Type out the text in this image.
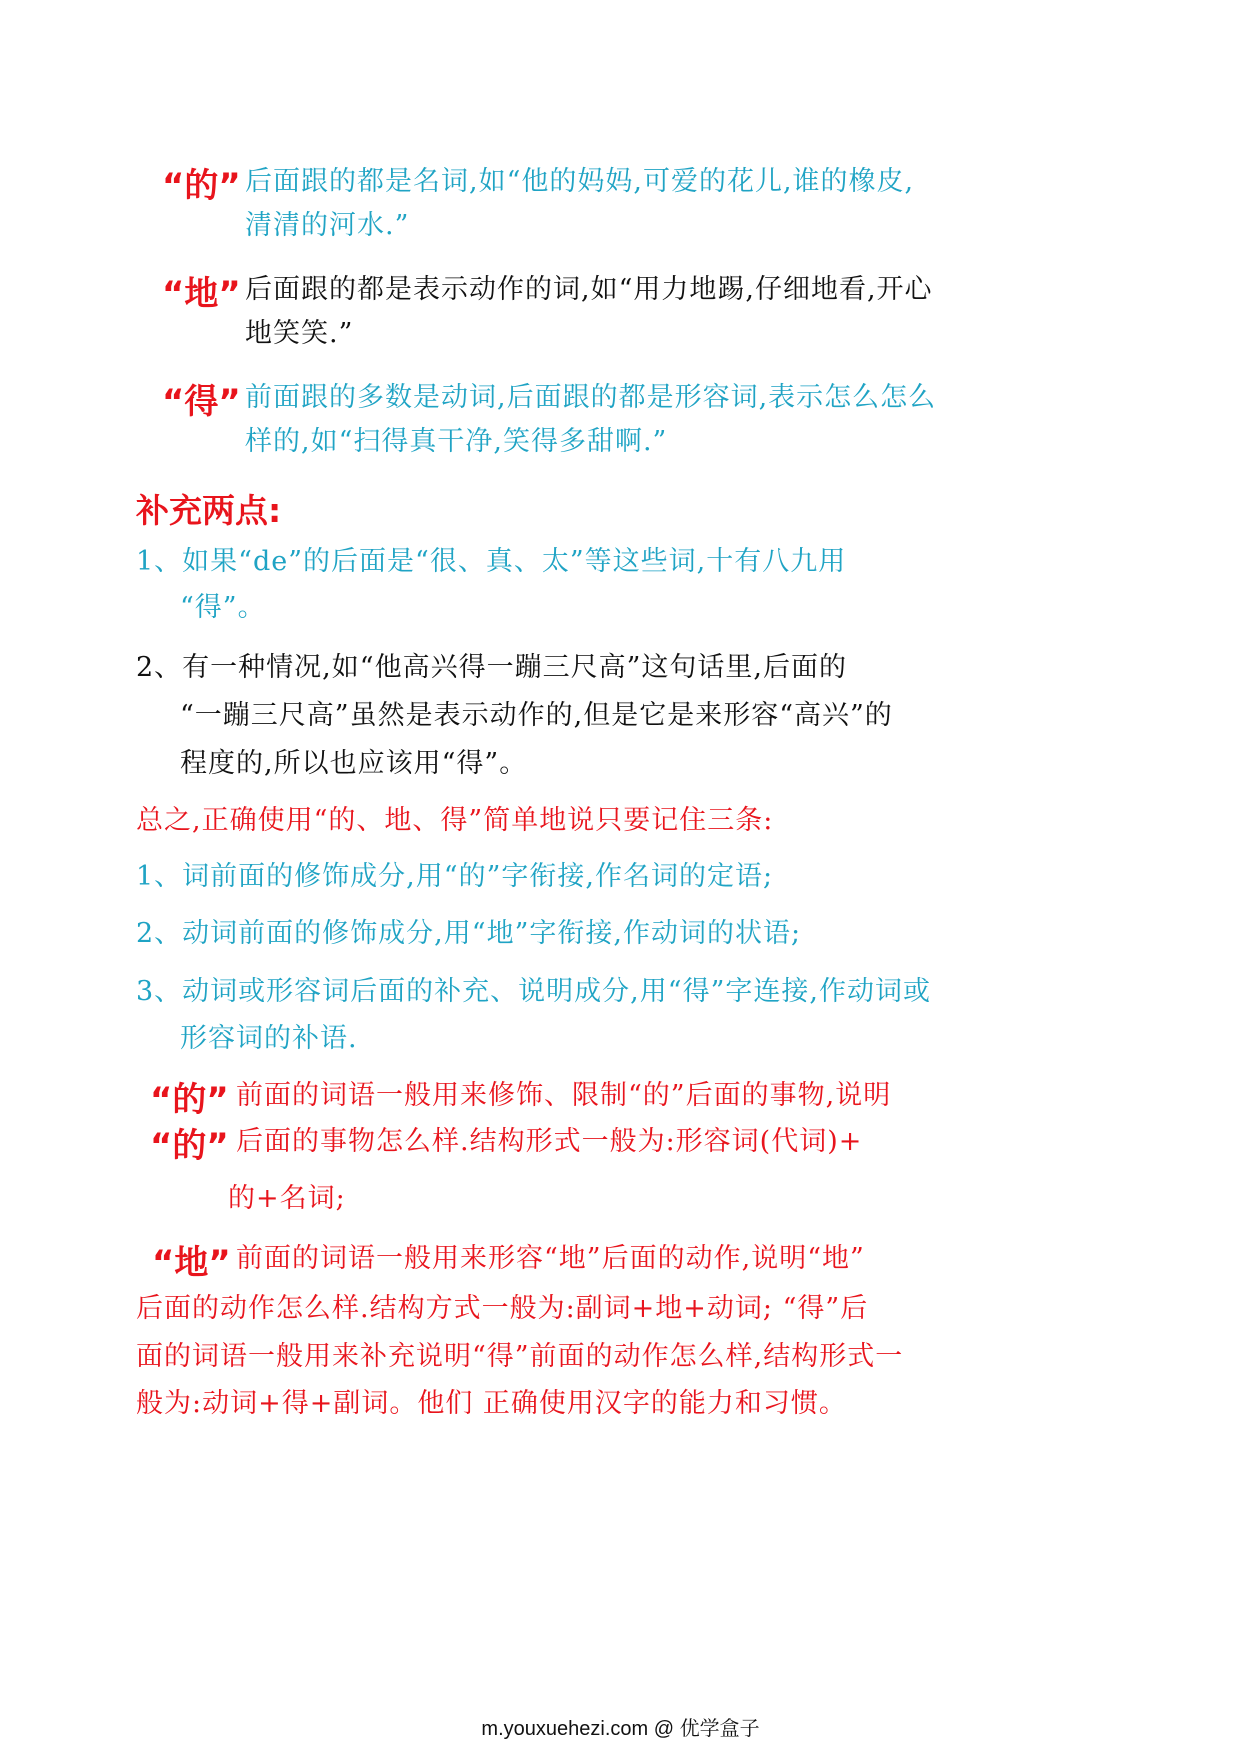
“的” 后面跟的都是名词,如“他的妈妈,可爱的花儿,谁的橡皮,
清清的河水.”
“地” 后面跟的都是表示动作的词,如“用力地踢,仔细地看,开心
地笑笑.”
“得” 前面跟的多数是动词,后面跟的都是形容词,表示怎么怎么
样的,如“扫得真干净,笑得多甜啊.”
补充两点:
1、如果“de”的后面是“很、真、太”等这些词,十有八九用
“得”。
2、有一种情况,如“他高兴得一蹦三尺高”这句话里,后面的
“一蹦三尺高”虽然是表示动作的,但是它是来形容“高兴”的
程度的,所以也应该用“得”。
总之,正确使用“的、地、得”简单地说只要记住三条:
1、词前面的修饰成分,用“的”字衔接,作名词的定语;
2、动词前面的修饰成分,用“地”字衔接,作动词的状语;
3、动词或形容词后面的补充、说明成分,用“得”字连接,作动词或
形容词的补语.
“的” 前面的词语一般用来修饰、限制“的”后面的事物,说明
“的” 后面的事物怎么样.结构形式一般为:形容词(代词)+
的+名词;
“地” 前面的词语一般用来形容“地”后面的动作,说明“地”
后面的动作怎么样.结构方式一般为:副词+地+动词; “得”后
面的词语一般用来补充说明“得”前面的动作怎么样,结构形式一
般为:动词+得+副词。他们 正确使用汉字的能力和习惯。
m.youxuehezi.com @ 优学盒子
